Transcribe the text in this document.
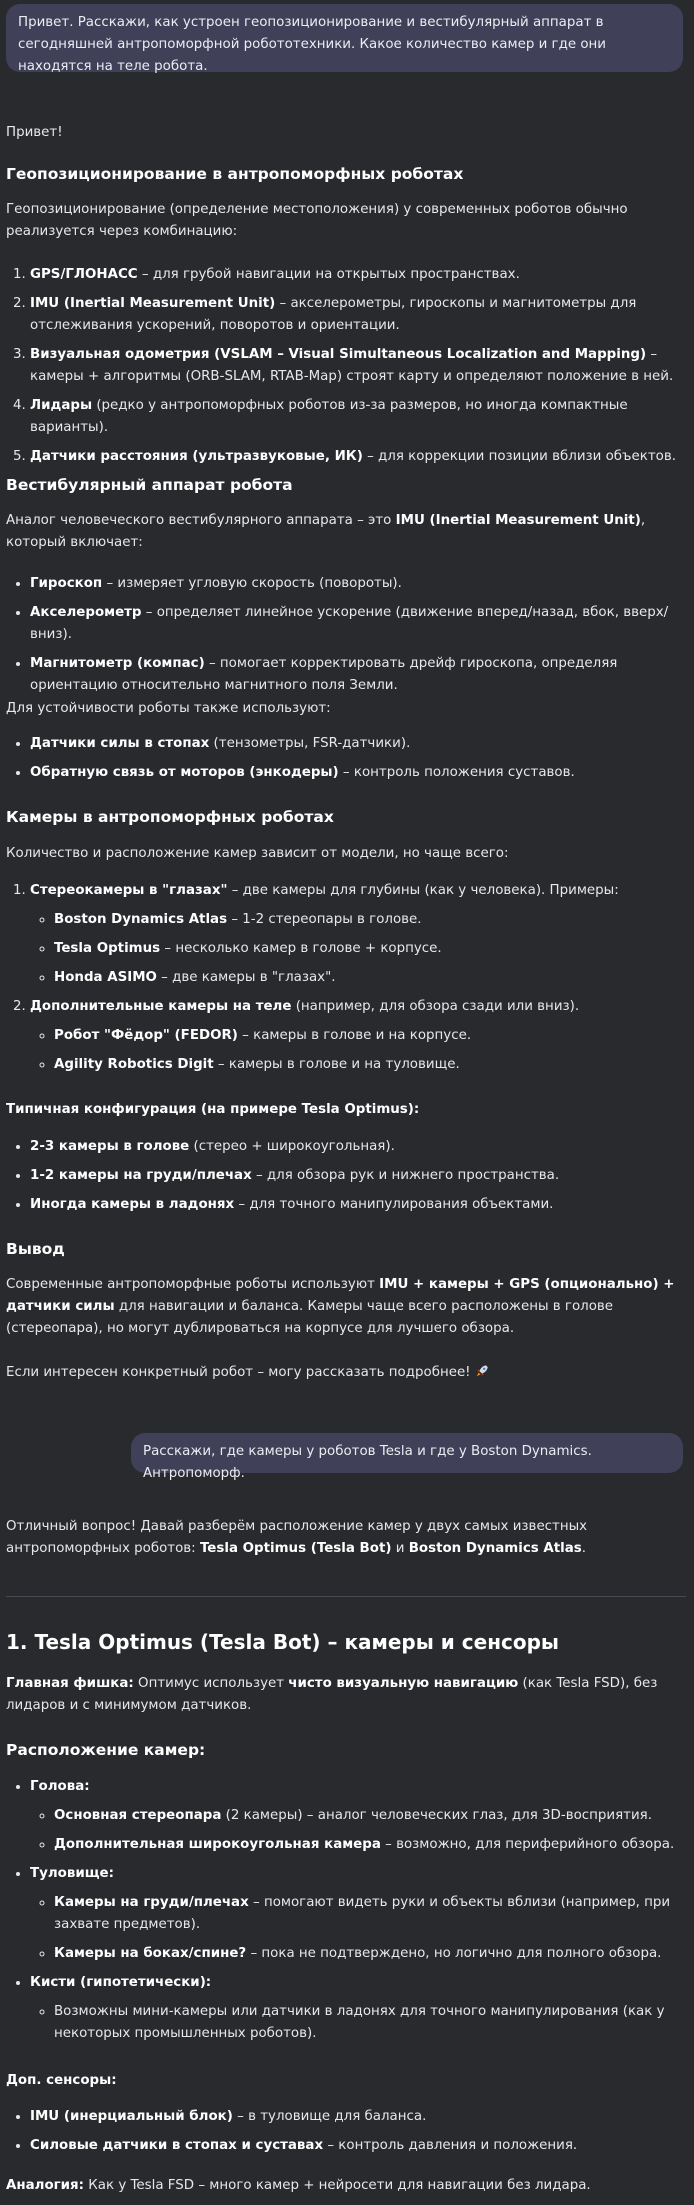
Привет. Расскажи, как устроен геопозиционирование и вестибулярный аппарат в сегодняшней антропоморфной робототехники. Какое количество камер и где они находятся на теле робота.
Привет!
Геопозиционирование в антропоморфных роботах
Геопозиционирование (определение местоположения) у современных роботов обычно реализуется через комбинацию:
1. GPS/ГЛОНАСС – для грубой навигации на открытых пространствах.
2. IMU (Inertial Measurement Unit) – акселерометры, гироскопы и магнитометры для отслеживания ускорений, поворотов и ориентации.
3. Визуальная одометрия (VSLAM – Visual Simultaneous Localization and Mapping) – камеры + алгоритмы (ORB-SLAM, RTAB-Map) строят карту и определяют положение в ней.
4. Лидары (редко у антропоморфных роботов из-за размеров, но иногда компактные варианты).
5. Датчики расстояния (ультразвуковые, ИК) – для коррекции позиции вблизи объектов.
Вестибулярный аппарат робота
Аналог человеческого вестибулярного аппарата – это IMU (Inertial Measurement Unit), который включает:
• Гироскоп – измеряет угловую скорость (повороты).
• Акселерометр – определяет линейное ускорение (движение вперед/назад, вбок, вверх/вниз).
• Магнитометр (компас) – помогает корректировать дрейф гироскопа, определяя ориентацию относительно магнитного поля Земли.
Для устойчивости роботы также используют:
• Датчики силы в стопах (тензометры, FSR-датчики).
• Обратную связь от моторов (энкодеры) – контроль положения суставов.
Камеры в антропоморфных роботах
Количество и расположение камер зависит от модели, но чаще всего:
1. Стереокамеры в "глазах" – две камеры для глубины (как у человека). Примеры:
◦ Boston Dynamics Atlas – 1-2 стереопары в голове.
◦ Tesla Optimus – несколько камер в голове + корпусе.
◦ Honda ASIMO – две камеры в "глазах".
2. Дополнительные камеры на теле (например, для обзора сзади или вниз).
◦ Робот "Фёдор" (FEDOR) – камеры в голове и на корпусе.
◦ Agility Robotics Digit – камеры в голове и на туловище.
Типичная конфигурация (на примере Tesla Optimus):
• 2-3 камеры в голове (стерео + широкоугольная).
• 1-2 камеры на груди/плечах – для обзора рук и нижнего пространства.
• Иногда камеры в ладонях – для точного манипулирования объектами.
Вывод
Современные антропоморфные роботы используют IMU + камеры + GPS (опционально) + датчики силы для навигации и баланса. Камеры чаще всего расположены в голове (стереопара), но могут дублироваться на корпусе для лучшего обзора.
Если интересен конкретный робот – могу рассказать подробнее!
Расскажи, где камеры у роботов Tesla и где у Boston Dynamics. Антропоморф.
Отличный вопрос! Давай разберём расположение камер у двух самых известных антропоморфных роботов: Tesla Optimus (Tesla Bot) и Boston Dynamics Atlas.
1. Tesla Optimus (Tesla Bot) – камеры и сенсоры
Главная фишка: Оптимус использует чисто визуальную навигацию (как Tesla FSD), без лидаров и с минимумом датчиков.
Расположение камер:
• Голова:
◦ Основная стереопара (2 камеры) – аналог человеческих глаз, для 3D-восприятия.
◦ Дополнительная широкоугольная камера – возможно, для периферийного обзора.
• Туловище:
◦ Камеры на груди/плечах – помогают видеть руки и объекты вблизи (например, при захвате предметов).
◦ Камеры на боках/спине? – пока не подтверждено, но логично для полного обзора.
• Кисти (гипотетически):
◦ Возможны мини-камеры или датчики в ладонях для точного манипулирования (как у некоторых промышленных роботов).
Доп. сенсоры:
• IMU (инерциальный блок) – в туловище для баланса.
• Силовые датчики в стопах и суставах – контроль давления и положения.
Аналогия: Как у Tesla FSD – много камер + нейросети для навигации без лидара.
